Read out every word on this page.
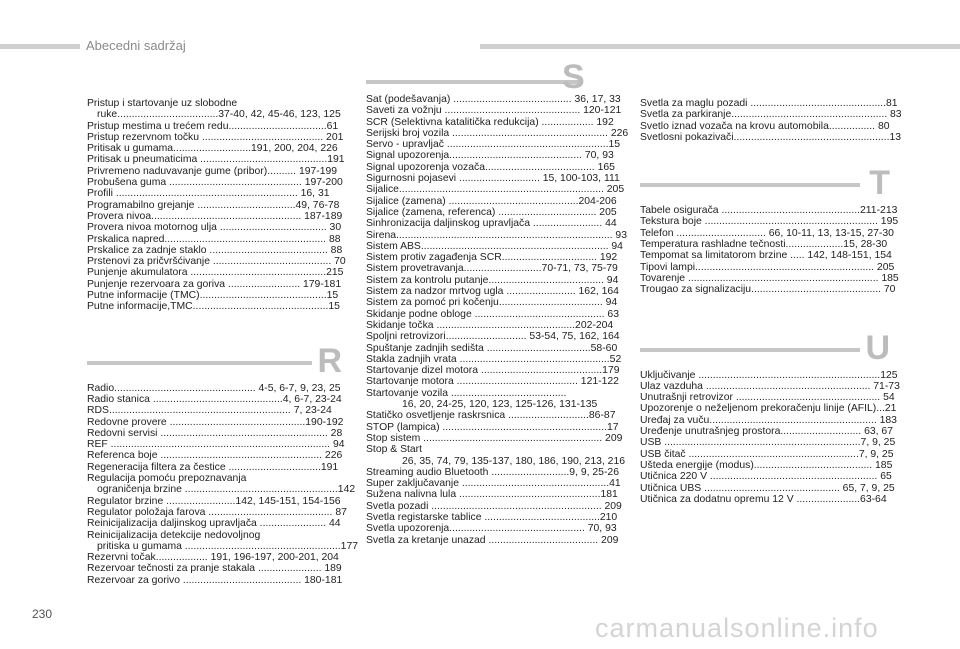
Abecedni sadržaj
S
Pristup i startovanje uz slobodne
ruke...................................37-40, 42, 45-46, 123, 125
Pristup mestima u trećem redu..................................61
Pristup rezervnom točku .......................................... 201
Pritisak u gumama...........................191, 200, 204, 226
Pritisak u pneumaticima ............................................191
Privremeno naduvavanje gume (pribor).......... 197-199
Probušena guma .............................................. 197-200
Profili ............................................................... 16, 31
Programabilno grejanje ..................................49, 76-78
Provera nivoa.................................................... 187-189
Provera nivoa motornog ulja ..................................... 30
Prskalica napred........................................................ 88
Prskalice za zadnje staklo ......................................... 88
Prstenovi za pričvršćivanje ......................................... 70
Punjenje akumulatora ...............................................215
Punjenje rezervoara za goriva ......................... 179-181
Putne informacije (TMC)............................................15
Putne informacije,TMC...............................................15
R
Radio................................................. 4-5, 6-7, 9, 23, 25
Radio stanica .............................................4, 6-7, 23-24
RDS............................................................... 7, 23-24
Redovne provere ...............................................190-192
Redovni servisi .......................................................... 28
REF ............................................................................ 94
Referenca boje ........................................................ 226
Regeneracija filtera za čestice ................................191
Regulacija pomoću prepoznavanja
ograničenja brzine .....................................................142
Regulator brzine ........................142, 145-151, 154-156
Regulator položaja farova ........................................... 87
Reinicijalizacija daljinskog upravljača ....................... 44
Reinicijalizacija detekcije nedovoljnog
pritiska u gumama ......................................................177
Rezervni točak.................. 191, 196-197, 200-201, 204
Rezervoar tečnosti za pranje stakala ...................... 189
Rezervoar za gorivo ......................................... 180-181
Sat (podešavanja) ......................................... 36, 17, 33
Saveti za vožnju ............................................... 120-121
SCR (Selektivna katalitička redukcija) .................. 192
Serijski broj vozila ...................................................... 226
Servo - upravljač ........................................................15
Signal upozorenja.............................................. 70, 93
Signal upozorenja vozača...................................... 165
Sigurnosni pojasevi ............................ 15, 100-103, 111
Sijalice....................................................................... 205
Sijalice (zamena) .............................................204-206
Sijalice (zamena, referenca) .................................. 205
Sinhronizacija daljinskog upravljača ........................ 44
Sirena........................................................................... 93
Sistem ABS................................................................. 94
Sistem protiv zagađenja SCR................................. 192
Sistem provetravanja...........................70-71, 73, 75-79
Sistem za kontrolu putanje........................................ 94
Sistem za nadzor mrtvog ugla ........................ 162, 164
Sistem za pomoć pri kočenju.................................... 94
Skidanje podne obloge ............................................. 63
Skidanje točka ................................................202-204
Spoljni retrovizori............................ 53-54, 75, 162, 164
Spuštanje zadnjih sedišta ....................................58-60
Stakla zadnjih vrata ....................................................52
Startovanje dizel motora ..........................................179
Startovanje motora .......................................... 121-122
Startovanje vozila ........................................
16, 20, 24-25, 120, 123, 125-126, 131-135
Statičko osvetljenje raskrsnica ............................86-87
STOP (lampica) .........................................................17
Stop sistem .............................................................. 209
Stop & Start
26, 35, 74, 79, 135-137, 180, 186, 190, 213, 216
Streaming audio Bluetooth ...........................9, 9, 25-26
Super zaključavanje ...................................................41
Sužena nalivna lula .................................................181
Svetla pozadi ........................................................... 209
Svetla registarske tablice ........................................210
Svetla upozorenja............................................... 70, 93
Svetla za kretanje unazad ...................................... 209
Svetla za maglu pozadi ...............................................81
Svetla za parkiranje...................................................... 83
Svetlo iznad vozača na krovu automobila................ 80
Svetlosni pokazivači......................................................13
T
Tabele osigurača ................................................211-213
Tekstura boje ............................................................ 195
Telefon ............................... 66, 10-11, 13, 13-15, 27-30
Temperatura rashladne tečnosti....................15, 28-30
Tempomat sa limitatorom brzine ..... 142, 148-151, 154
Tipovi lampi.............................................................. 205
Tovarenje .................................................................. 185
Trougao za signalizaciju............................................. 70
U
Uključivanje ...............................................................125
Ulaz vazduha ......................................................... 71-73
Unutrašnji retrovizor .................................................. 54
Upozorenje o neželjenom prekoračenju linije (AFIL)...21
Uređaj za vuču.......................................................... 183
Uređenje unutrašnjeg prostora............................ 63, 67
USB ....................................................................7, 9, 25
USB čitač ...........................................................7, 9, 25
Ušteda energije (modus)......................................... 185
Utičnica 220 V .......................................................... 65
Utičnica UBS ............................................... 65, 7, 9, 25
Utičnica za dodatnu opremu 12 V ......................63-64
230	carmanualsonline.info
